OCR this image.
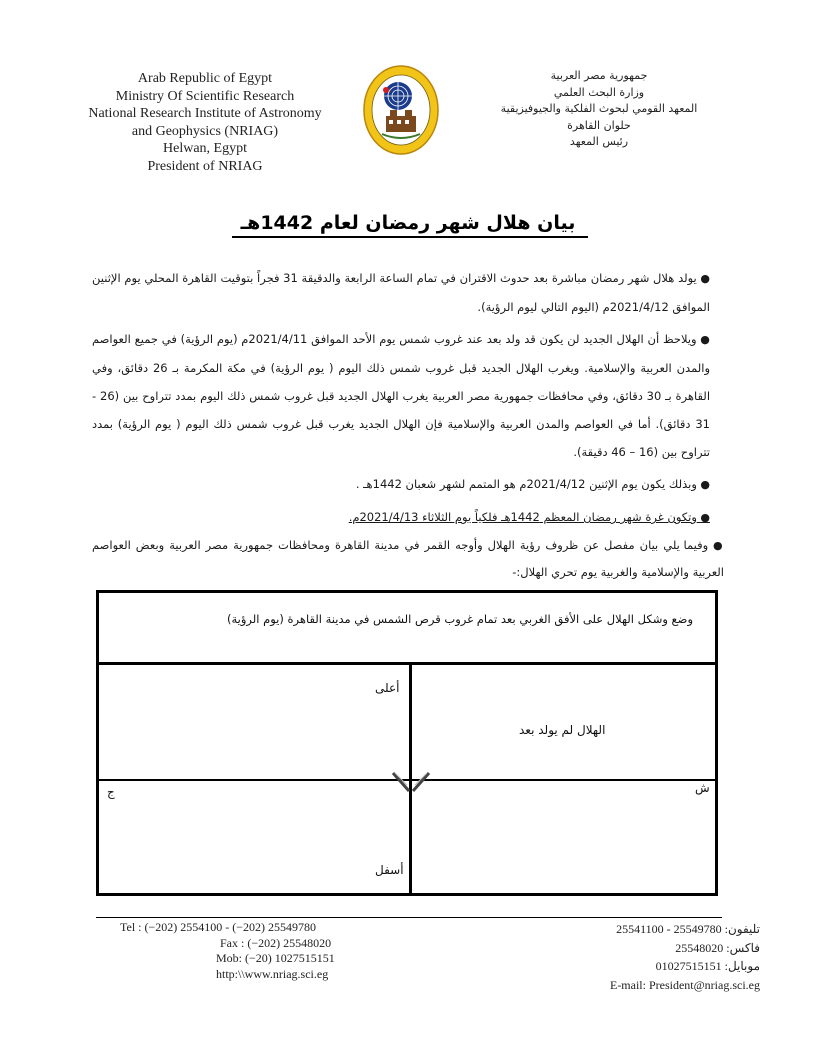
Arab Republic of Egypt
Ministry Of Scientific Research
National Research Institute of Astronomy
and Geophysics (NRIAG)
Helwan, Egypt
President of NRIAG
جمهورية مصر العربية
وزارة البحث العلمي
المعهد القومي لبحوث الفلكية والجيوفيزيقية
حلوان القاهرة
رئيس المعهد
بيان هلال شهر رمضان لعام 1442هـ

● يولد هلال شهر رمضان مباشرة بعد حدوث الاقتران في تمام الساعة الرابعة والدقيقة 31 فجراً بتوقيت القاهرة المحلي يوم الإثنين الموافق 2021/4/12م (اليوم التالي ليوم الرؤية).

● ويلاحظ أن الهلال الجديد لن يكون قد ولد بعد عند غروب شمس يوم الأحد الموافق 2021/4/11م (يوم الرؤية) في جميع العواصم والمدن العربية والإسلامية. ويغرب الهلال الجديد قبل غروب شمس ذلك اليوم ( يوم الرؤية) في مكة المكرمة بـ 26 دقائق، وفي القاهرة بـ 30 دقائق، وفي محافظات جمهورية مصر العربية يغرب الهلال الجديد قبل غروب شمس ذلك اليوم بمدد تتراوح بين (26 - 31 دقائق). أما في العواصم والمدن العربية والإسلامية فإن الهلال الجديد يغرب قبل غروب شمس ذلك اليوم ( يوم الرؤية) بمدد تتراوح بين (16 – 46 دقيقة).

● وبذلك يكون يوم الإثنين 2021/4/12م هو المتمم لشهر شعبان 1442هـ .

● وتكون غرة شهر رمضان المعظم 1442هـ فلكياً يوم الثلاثاء 2021/4/13م.

● وفيما يلي بيان مفصل عن ظروف رؤية الهلال وأوجه القمر في مدينة القاهرة ومحافظات جمهورية مصر العربية وبعض العواصم العربية والإسلامية والغربية يوم تحري الهلال:-
وضع وشكل الهلال على الأفق الغربي بعد تمام غروب قرص الشمس في مدينة القاهرة (يوم الرؤية)
أعلى
أسفل
ش
ج
الهلال لم يولد بعد
Tel : (−202) 2554100 - (−202) 25549780
Fax : (−202) 25548020
Mob: (−20) 1027515151
http:\\www.nriag.sci.eg
تليفون: 25549780 - 25541100
فاكس: 25548020
موبايل: 01027515151
E-mail: President@nriag.sci.eg
